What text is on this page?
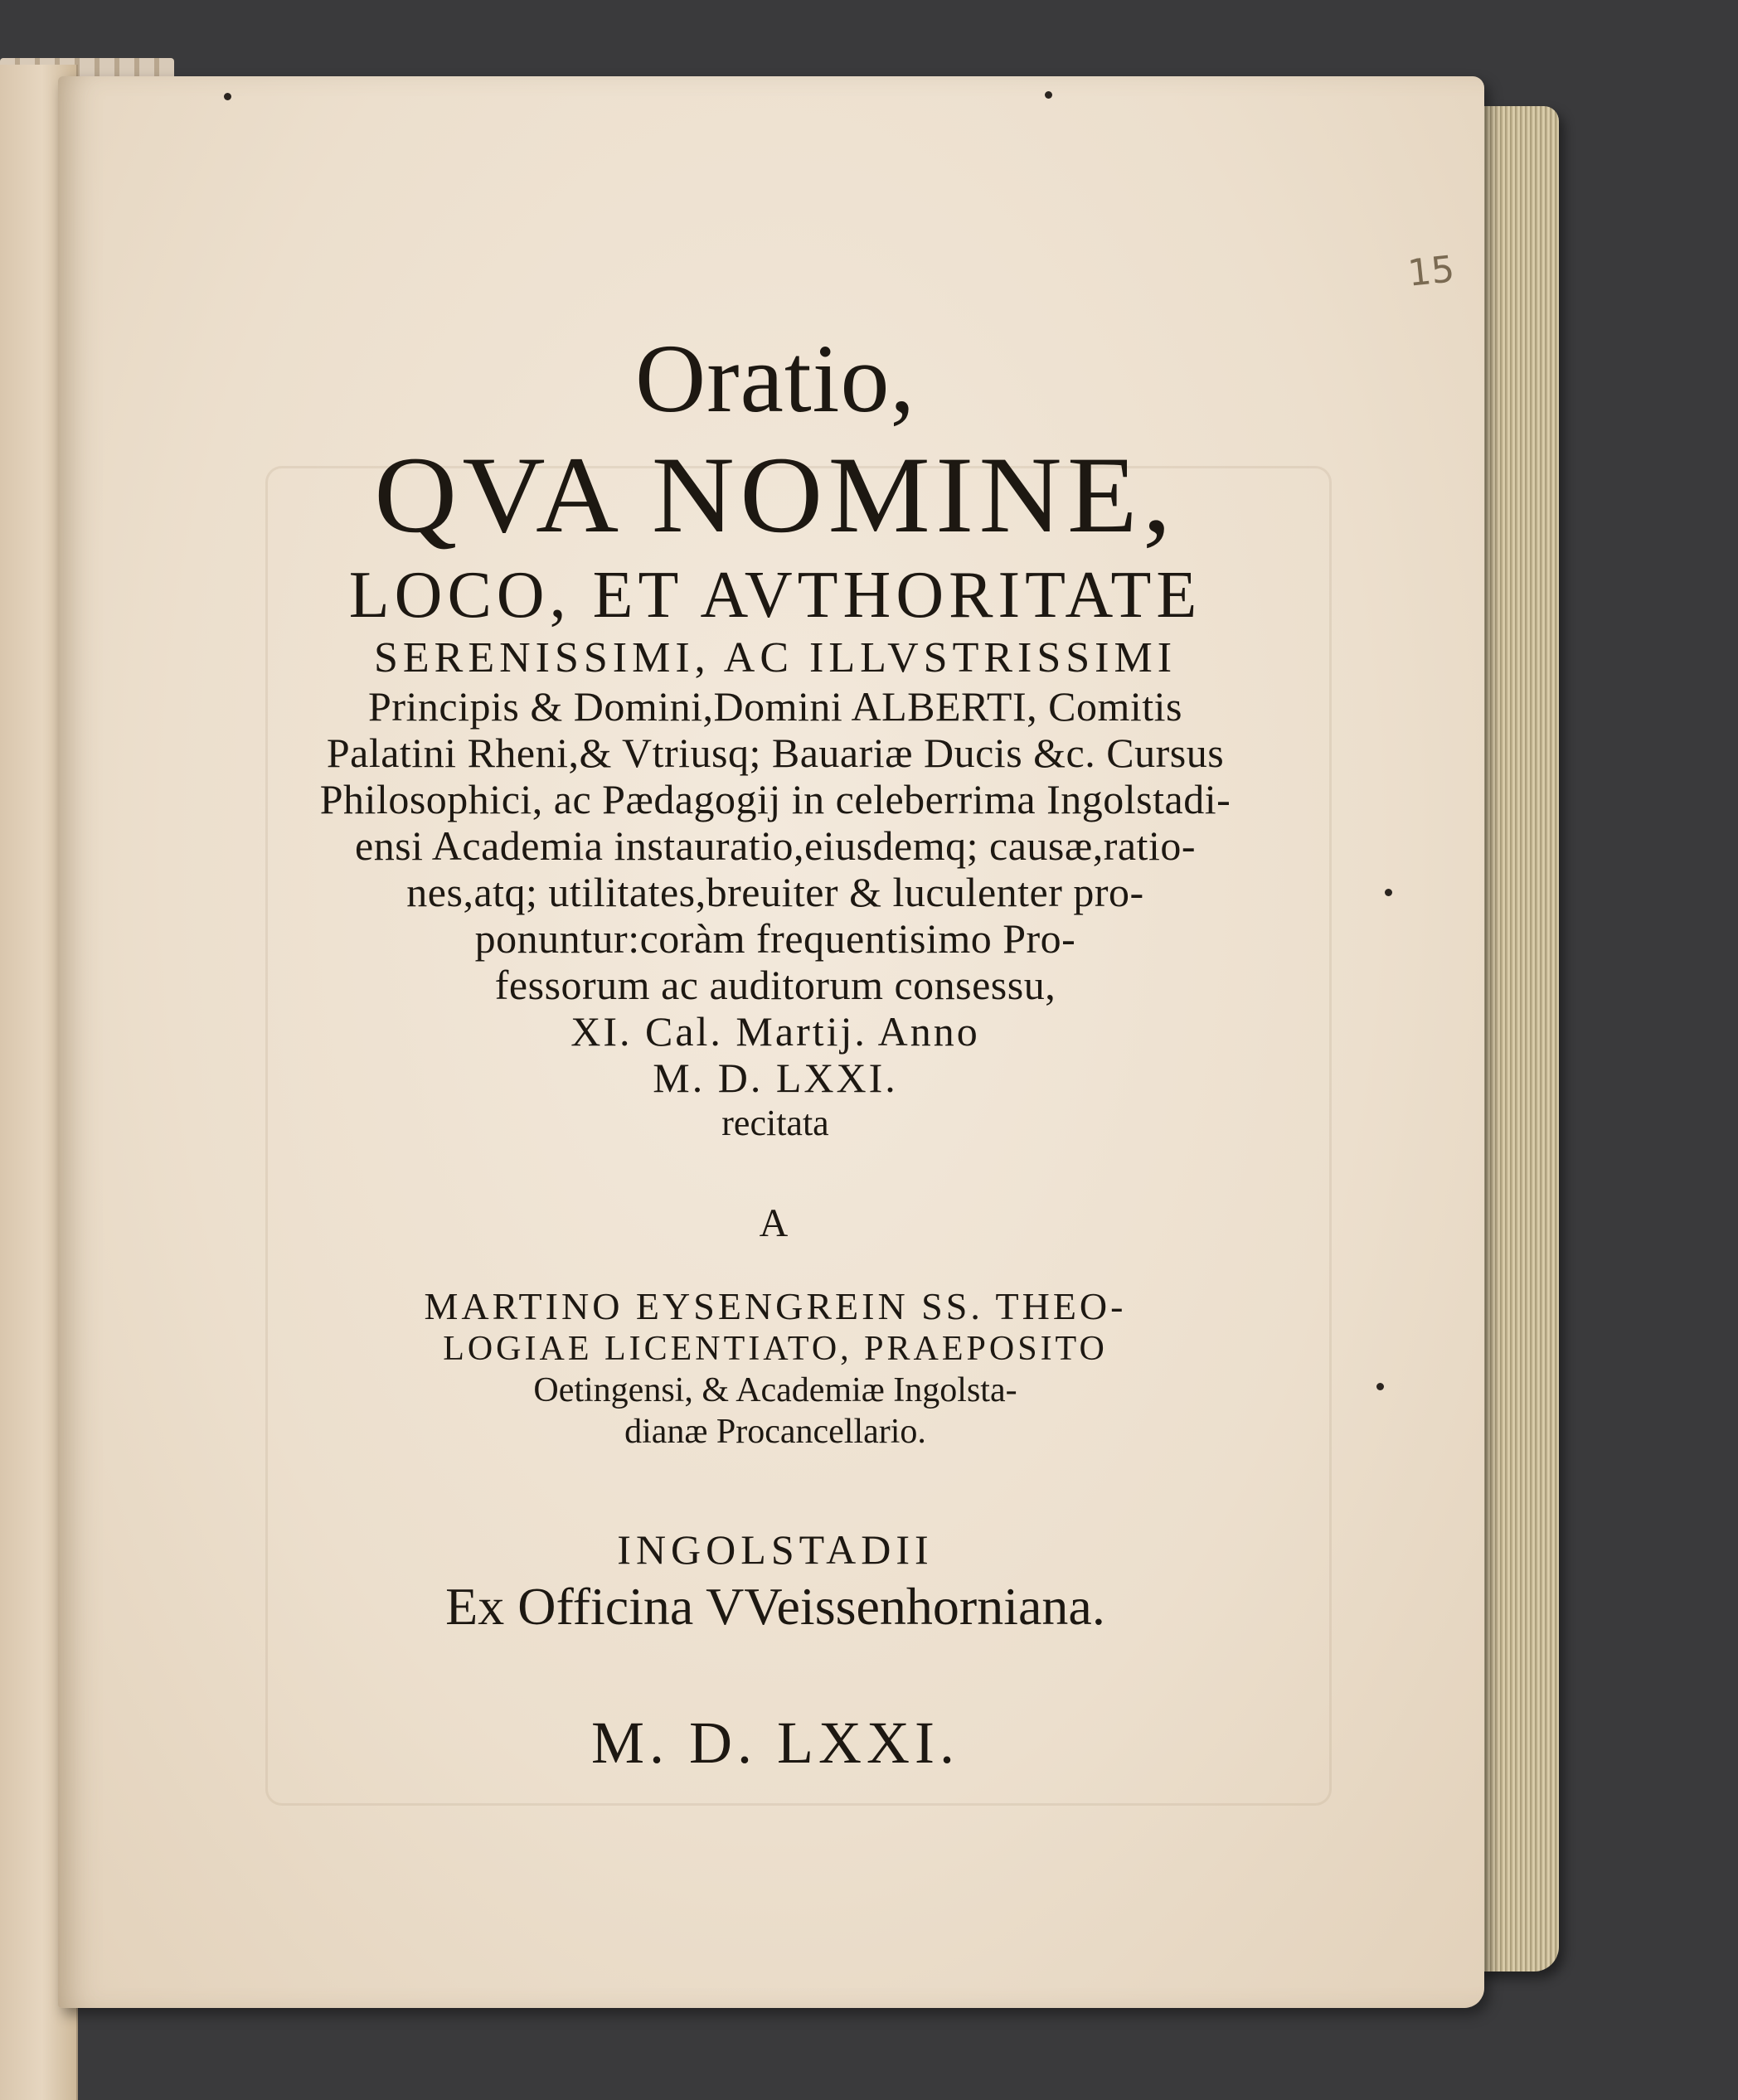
15
Oratio,
QVA NOMINE,
LOCO, ET AVTHORITATE
SERENISSIMI, AC ILLVSTRISSIMI
Principis & Domini,Domini ALBERTI, Comitis
Palatini Rheni,& Vtriusq; Bauariæ Ducis &c. Cursus
Philosophici, ac Pædagogij in celeberrima Ingolstadi-
ensi Academia instauratio,eiusdemq; causæ,ratio-
nes,atq; utilitates,breuiter & luculenter pro-
ponuntur:coràm frequentisimo Pro-
fessorum ac auditorum consessu,
XI. Cal. Martij. Anno
M. D. LXXI.
recitata
A
MARTINO EYSENGREIN SS. THEO-
LOGIAE LICENTIATO, PRAEPOSITO
Oetingensi, & Academiæ Ingolsta-
dianæ Procancellario.
INGOLSTADII
Ex Officina VVeissenhorniana.
M. D. LXXI.
